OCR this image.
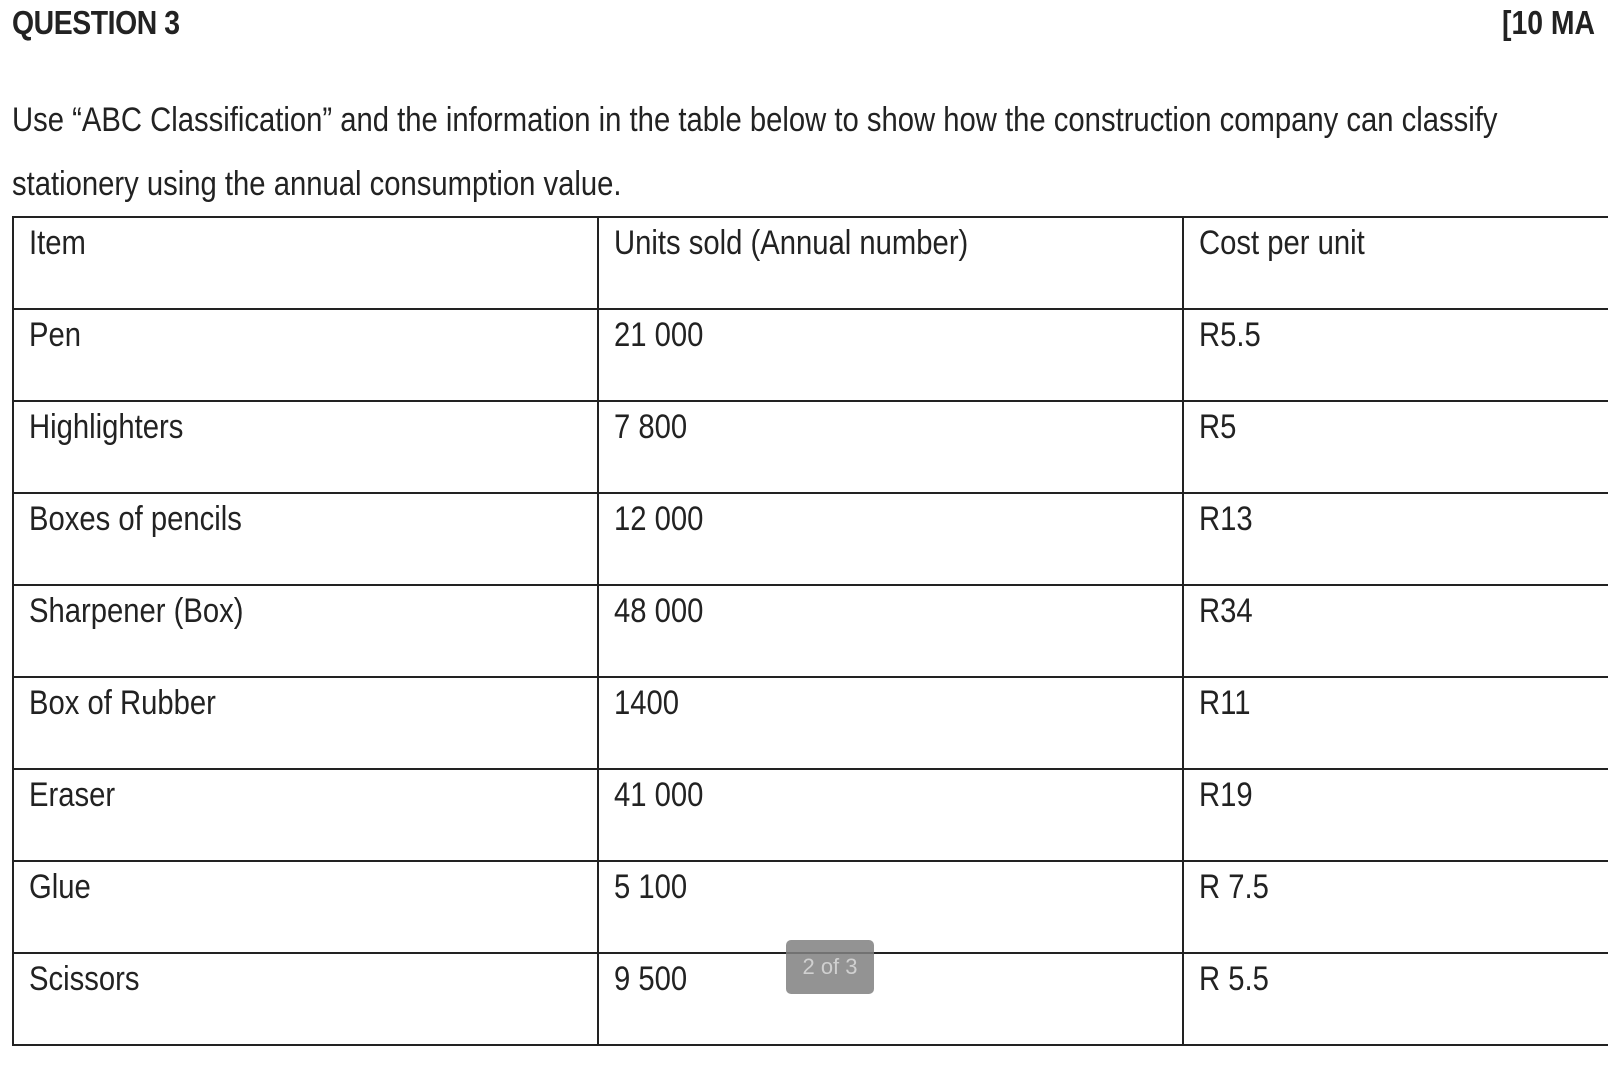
QUESTION 3	[10 MA

Use “ABC Classification” and the information in the table below to show how the construction company can classify

stationery using the annual consumption value.

Item	Units sold (Annual number)	Cost per unit
Pen	21 000	R5.5
Highlighters	7 800	R5
Boxes of pencils	12 000	R13
Sharpener (Box)	48 000	R34
Box of Rubber	1400	R11
Eraser	41 000	R19
Glue	5 100	R 7.5
Scissors	9 500	R 5.5
2 of 3
